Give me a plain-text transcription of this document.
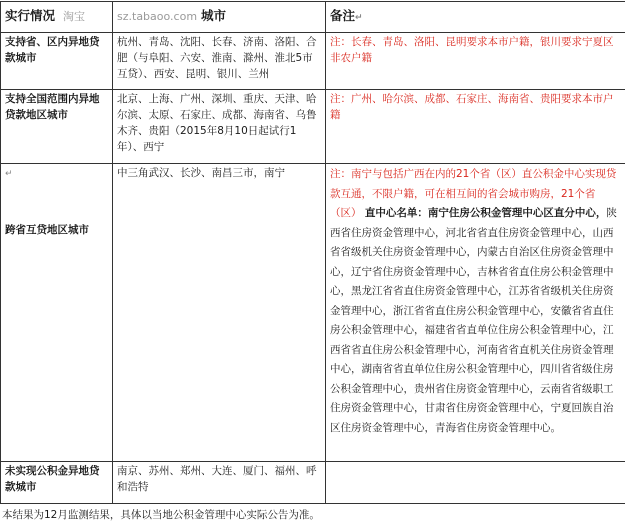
实行情况 淘宝	sz.tabaoo.com 城市	备注↵
支持省、区内异地贷款城市	杭州、青岛、沈阳、长春、济南、洛阳、合肥（与阜阳、六安、淮南、滁州、淮北5市互贷）、西安、昆明、银川、兰州	注：长春、青岛、洛阳、昆明要求本市户籍，银川要求宁夏区非农户籍
支持全国范围内异地贷款地区城市	北京、上海、广州、深圳、重庆、天津、哈尔滨、太原、石家庄、成都、海南省、乌鲁木齐、贵阳（2015年8月10日起试行1年）、西宁	注：广州、哈尔滨、成都、石家庄、海南省、贵阳要求本市户籍
↵
跨省互贷地区城市	中三角武汉、长沙、南昌三市，南宁	注：南宁与包括广西在内的21个省（区）直公积金中心实现贷款互通，不限户籍，可在相互间的省会城市购房，21个省（区） 直中心名单：南宁住房公积金管理中心区直分中心，陕西省住房资金管理中心，河北省省直住房资金管理中心，山西省省级机关住房资金管理中心，内蒙古自治区住房资金管理中心，辽宁省住房资金管理中心，吉林省省直住房公积金管理中心，黑龙江省省直住房资金管理中心，江苏省省级机关住房资金管理中心，浙江省省直住房公积金管理中心，安徽省省直住房公积金管理中心，福建省省直单位住房公积金管理中心，江西省省直住房公积金管理中心，河南省省直机关住房资金管理中心，湖南省省直单位住房公积金管理中心，四川省省级住房公积金管理中心，贵州省住房资金管理中心，云南省省级职工住房资金管理中心，甘肃省住房资金管理中心，宁夏回族自治区住房资金管理中心，青海省住房资金管理中心。
未实现公积金异地贷款城市	南京、苏州、郑州、大连、厦门、福州、呼和浩特	
本结果为12月监测结果，具体以当地公积金管理中心实际公告为准。
